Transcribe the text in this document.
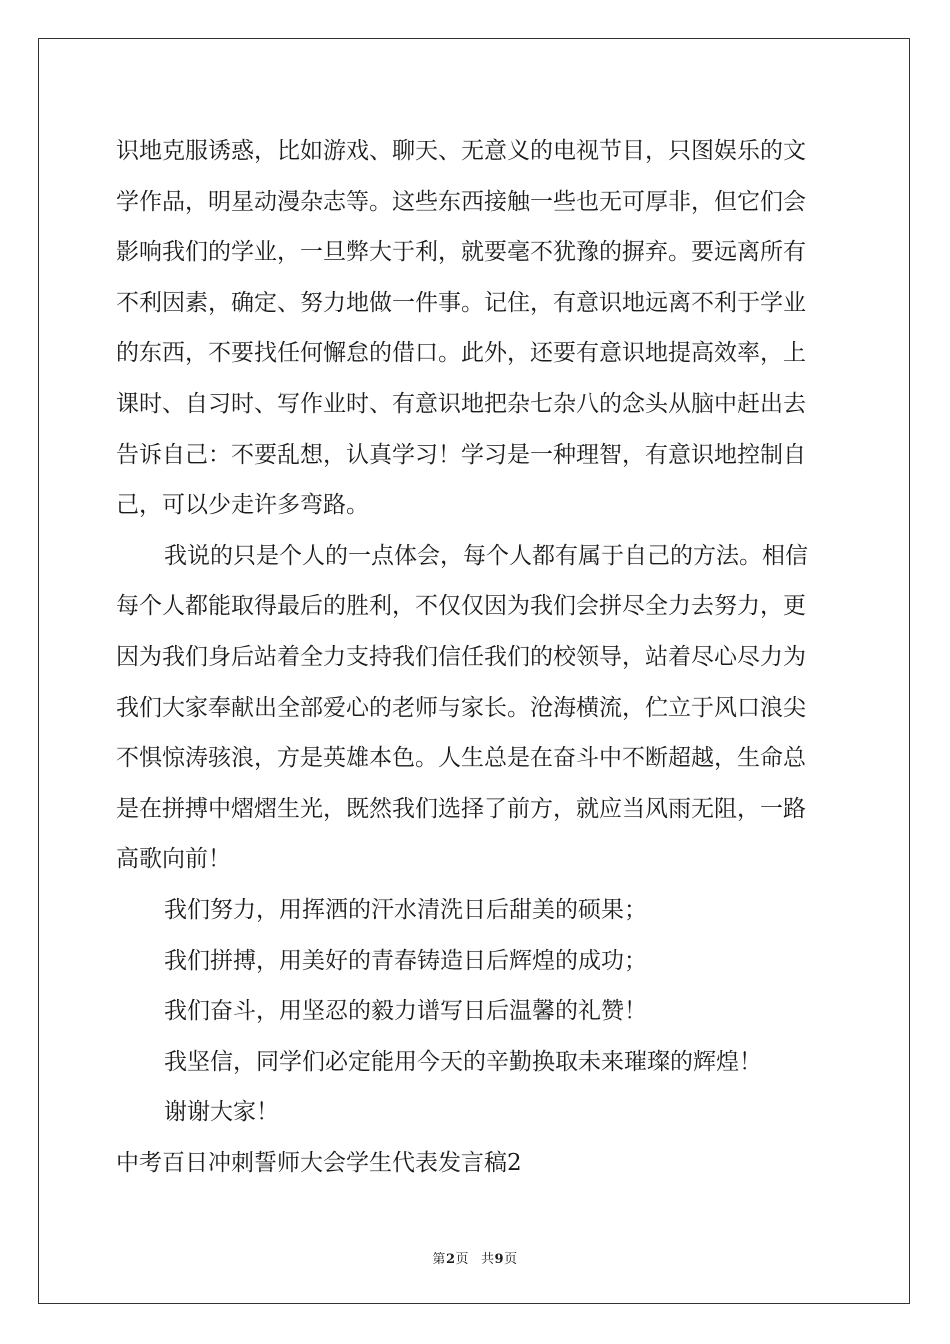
识地克服诱惑，比如游戏、聊天、无意义的电视节目，只图娱乐的文
学作品，明星动漫杂志等。这些东西接触一些也无可厚非，但它们会
影响我们的学业，一旦弊大于利，就要毫不犹豫的摒弃。要远离所有
不利因素，确定、努力地做一件事。记住，有意识地远离不利于学业
的东西，不要找任何懈怠的借口。此外，还要有意识地提高效率，上
课时、自习时、写作业时、有意识地把杂七杂八的念头从脑中赶出去
告诉自己：不要乱想，认真学习！学习是一种理智，有意识地控制自
己，可以少走许多弯路。
我说的只是个人的一点体会，每个人都有属于自己的方法。相信
每个人都能取得最后的胜利，不仅仅因为我们会拼尽全力去努力，更
因为我们身后站着全力支持我们信任我们的校领导，站着尽心尽力为
我们大家奉献出全部爱心的老师与家长。沧海横流，伫立于风口浪尖
不惧惊涛骇浪，方是英雄本色。人生总是在奋斗中不断超越，生命总
是在拼搏中熠熠生光，既然我们选择了前方，就应当风雨无阻，一路
高歌向前！
我们努力，用挥洒的汗水清洗日后甜美的硕果；
我们拼搏，用美好的青春铸造日后辉煌的成功；
我们奋斗，用坚忍的毅力谱写日后温馨的礼赞！
我坚信，同学们必定能用今天的辛勤换取未来璀璨的辉煌！
谢谢大家！
中考百日冲刺誓师大会学生代表发言稿2
第2页 共9页
